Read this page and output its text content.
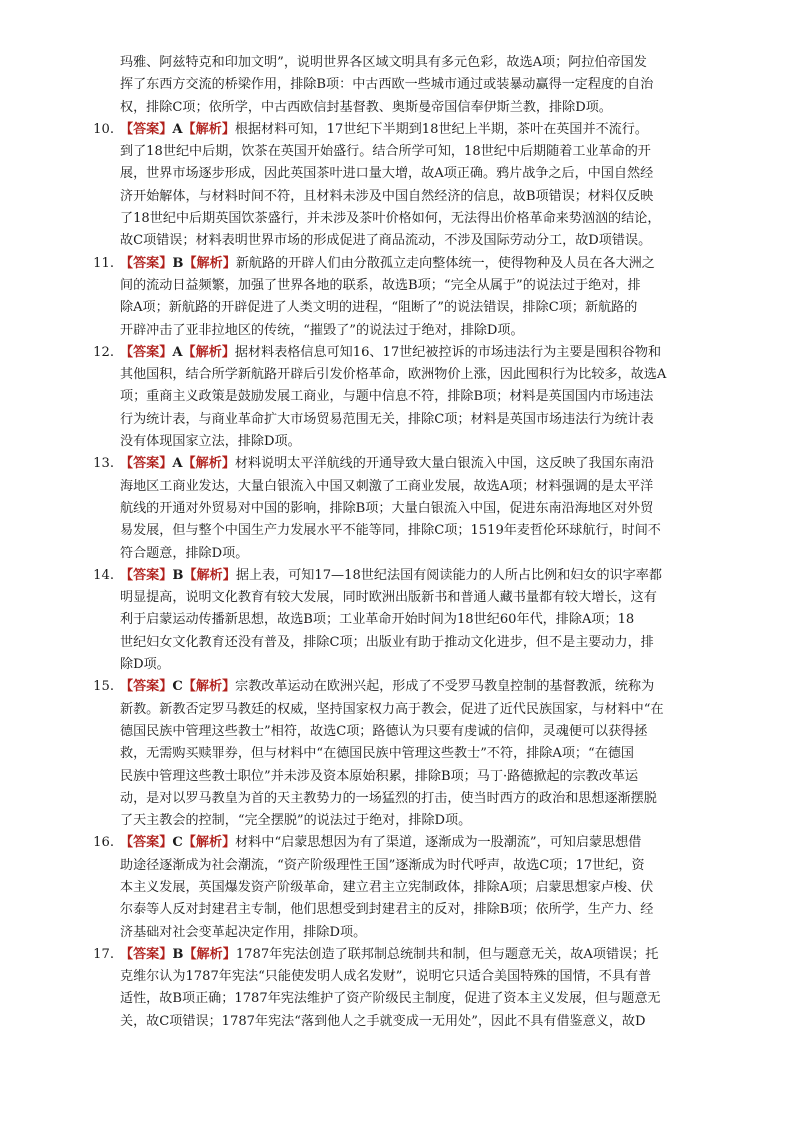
玛雅、阿兹特克和印加文明”，说明世界各区域文明具有多元色彩，故选A项；阿拉伯帝国发
挥了东西方交流的桥梁作用，排除B项：中古西欧一些城市通过或装暴动赢得一定程度的自治
权，排除C项；依所学，中古西欧信封基督教、奥斯曼帝国信奉伊斯兰教，排除D项。
10. 【答案】A【解析】根据材料可知，17世纪下半期到18世纪上半期，茶叶在英国并不流行。
到了18世纪中后期，饮茶在英国开始盛行。结合所学可知，18世纪中后期随着工业革命的开
展，世界市场逐步形成，因此英国茶叶进口量大增，故A项正确。鸦片战争之后，中国自然经
济开始解体，与材料时间不符，且材料未涉及中国自然经济的信息，故B项错误；材料仅反映
了18世纪中后期英国饮茶盛行，并未涉及茶叶价格如何，无法得出价格革命来势汹汹的结论，
故C项错误；材料表明世界市场的形成促进了商品流动，不涉及国际劳动分工，故D项错误。
11. 【答案】B【解析】新航路的开辟人们由分散孤立走向整体统一，使得物种及人员在各大洲之
间的流动日益频繁，加强了世界各地的联系，故选B项；“完全从属于”的说法过于绝对，排
除A项；新航路的开辟促进了人类文明的进程，“阻断了”的说法错误，排除C项；新航路的
开辟冲击了亚非拉地区的传统，“摧毁了”的说法过于绝对，排除D项。
12. 【答案】A【解析】据材料表格信息可知16、17世纪被控诉的市场违法行为主要是囤积谷物和
其他国积，结合所学新航路开辟后引发价格革命，欧洲物价上涨，因此囤积行为比较多，故选A
项；重商主义政策是鼓励发展工商业，与题中信息不符，排除B项；材料是英国国内市场违法
行为统计表，与商业革命扩大市场贸易范围无关，排除C项；材料是英国市场违法行为统计表
没有体现国家立法，排除D项。
13. 【答案】A【解析】材料说明太平洋航线的开通导致大量白银流入中国，这反映了我国东南沿
海地区工商业发达，大量白银流入中国又刺激了工商业发展，故选A项；材料强调的是太平洋
航线的开通对外贸易对中国的影响，排除B项；大量白银流入中国，促进东南沿海地区对外贸
易发展，但与整个中国生产力发展水平不能等同，排除C项；1519年麦哲伦环球航行，时间不
符合题意，排除D项。
14. 【答案】B【解析】据上表，可知17—18世纪法国有阅读能力的人所占比例和妇女的识字率都
明显提高，说明文化教育有较大发展，同时欧洲出版新书和普通人藏书量都有较大增长，这有
利于启蒙运动传播新思想，故选B项；工业革命开始时间为18世纪60年代，排除A项；18
世纪妇女文化教育还没有普及，排除C项；出版业有助于推动文化进步，但不是主要动力，排
除D项。
15. 【答案】C【解析】宗教改革运动在欧洲兴起，形成了不受罗马教皇控制的基督教派，统称为
新教。新教否定罗马教廷的权威，坚持国家权力高于教会，促进了近代民族国家，与材料中“在
德国民族中管理这些教士”相符，故选C项；路德认为只要有虔诚的信仰，灵魂便可以获得拯
救，无需购买赎罪券，但与材料中“在德国民族中管理这些教士”不符，排除A项；“在德国
民族中管理这些教士职位”并未涉及资本原始积累，排除B项；马丁·路德掀起的宗教改革运
动，是对以罗马教皇为首的天主教势力的一场猛烈的打击，使当时西方的政治和思想逐渐摆脱
了天主教会的控制，“完全摆脱”的说法过于绝对，排除D项。
16. 【答案】C【解析】材料中“启蒙思想因为有了渠道，逐渐成为一股潮流”，可知启蒙思想借
助途径逐渐成为社会潮流，“资产阶级理性王国”逐渐成为时代呼声，故选C项；17世纪，资
本主义发展，英国爆发资产阶级革命，建立君主立宪制政体，排除A项；启蒙思想家卢梭、伏
尔泰等人反对封建君主专制，他们思想受到封建君主的反对，排除B项；依所学，生产力、经
济基础对社会变革起决定作用，排除D项。
17. 【答案】B【解析】1787年宪法创造了联邦制总统制共和制，但与题意无关，故A项错误；托
克维尔认为1787年宪法“只能使发明人成名发财”，说明它只适合美国特殊的国情，不具有普
适性，故B项正确；1787年宪法维护了资产阶级民主制度，促进了资本主义发展，但与题意无
关，故C项错误；1787年宪法“落到他人之手就变成一无用处”，因此不具有借鉴意义，故D
